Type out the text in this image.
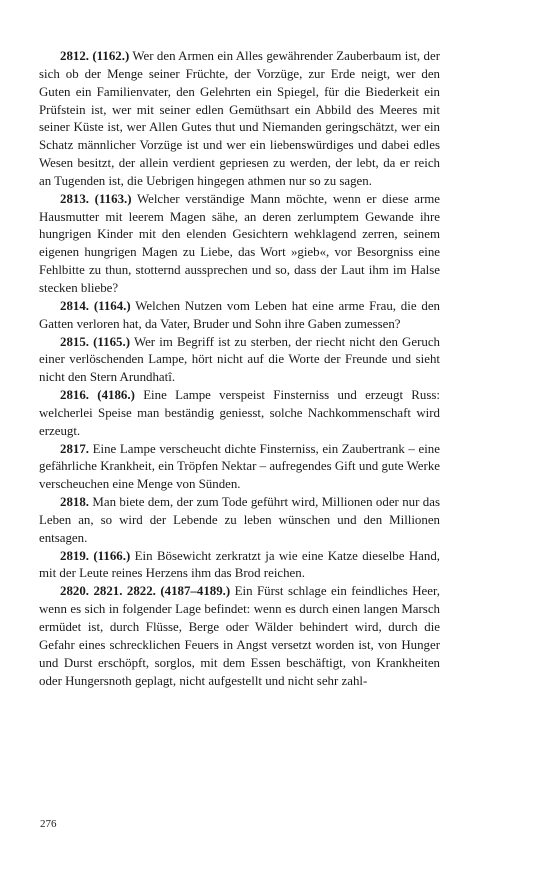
2812. (1162.) Wer den Armen ein Alles gewährender Zauberbaum ist, der sich ob der Menge seiner Früchte, der Vorzüge, zur Erde neigt, wer den Guten ein Familienvater, den Gelehrten ein Spiegel, für die Biederkeit ein Prüfstein ist, wer mit seiner edlen Gemüthsart ein Abbild des Meeres mit seiner Küste ist, wer Allen Gutes thut und Niemanden geringschätzt, wer ein Schatz männlicher Vorzüge ist und wer ein liebenswürdiges und dabei edles Wesen besitzt, der allein verdient gepriesen zu werden, der lebt, da er reich an Tugenden ist, die Uebrigen hingegen athmen nur so zu sagen.

2813. (1163.) Welcher verständige Mann möchte, wenn er diese arme Hausmutter mit leerem Magen sähe, an deren zerlumptem Gewande ihre hungrigen Kinder mit den elenden Gesichtern wehklagend zerren, seinem eigenen hungrigen Magen zu Liebe, das Wort »gieb«, vor Besorgniss eine Fehlbitte zu thun, stotternd aussprechen und so, dass der Laut ihm im Halse stecken bliebe?

2814. (1164.) Welchen Nutzen vom Leben hat eine arme Frau, die den Gatten verloren hat, da Vater, Bruder und Sohn ihre Gaben zumessen?

2815. (1165.) Wer im Begriff ist zu sterben, der riecht nicht den Geruch einer verlöschenden Lampe, hört nicht auf die Worte der Freunde und sieht nicht den Stern Arundhatî.

2816. (4186.) Eine Lampe verspeist Finsterniss und erzeugt Russ: welcherlei Speise man beständig geniesst, solche Nachkommenschaft wird erzeugt.

2817. Eine Lampe verscheucht dichte Finsterniss, ein Zaubertrank – eine gefährliche Krankheit, ein Tröpfen Nektar – aufregendes Gift und gute Werke verscheuchen eine Menge von Sünden.

2818. Man biete dem, der zum Tode geführt wird, Millionen oder nur das Leben an, so wird der Lebende zu leben wünschen und den Millionen entsagen.

2819. (1166.) Ein Bösewicht zerkratzt ja wie eine Katze dieselbe Hand, mit der Leute reines Herzens ihm das Brod reichen.

2820. 2821. 2822. (4187–4189.) Ein Fürst schlage ein feindliches Heer, wenn es sich in folgender Lage befindet: wenn es durch einen langen Marsch ermüdet ist, durch Flüsse, Berge oder Wälder behindert wird, durch die Gefahr eines schrecklichen Feuers in Angst versetzt worden ist, von Hunger und Durst erschöpft, sorglos, mit dem Essen beschäftigt, von Krankheiten oder Hungersnoth geplagt, nicht aufgestellt und nicht sehr zahl-

276
